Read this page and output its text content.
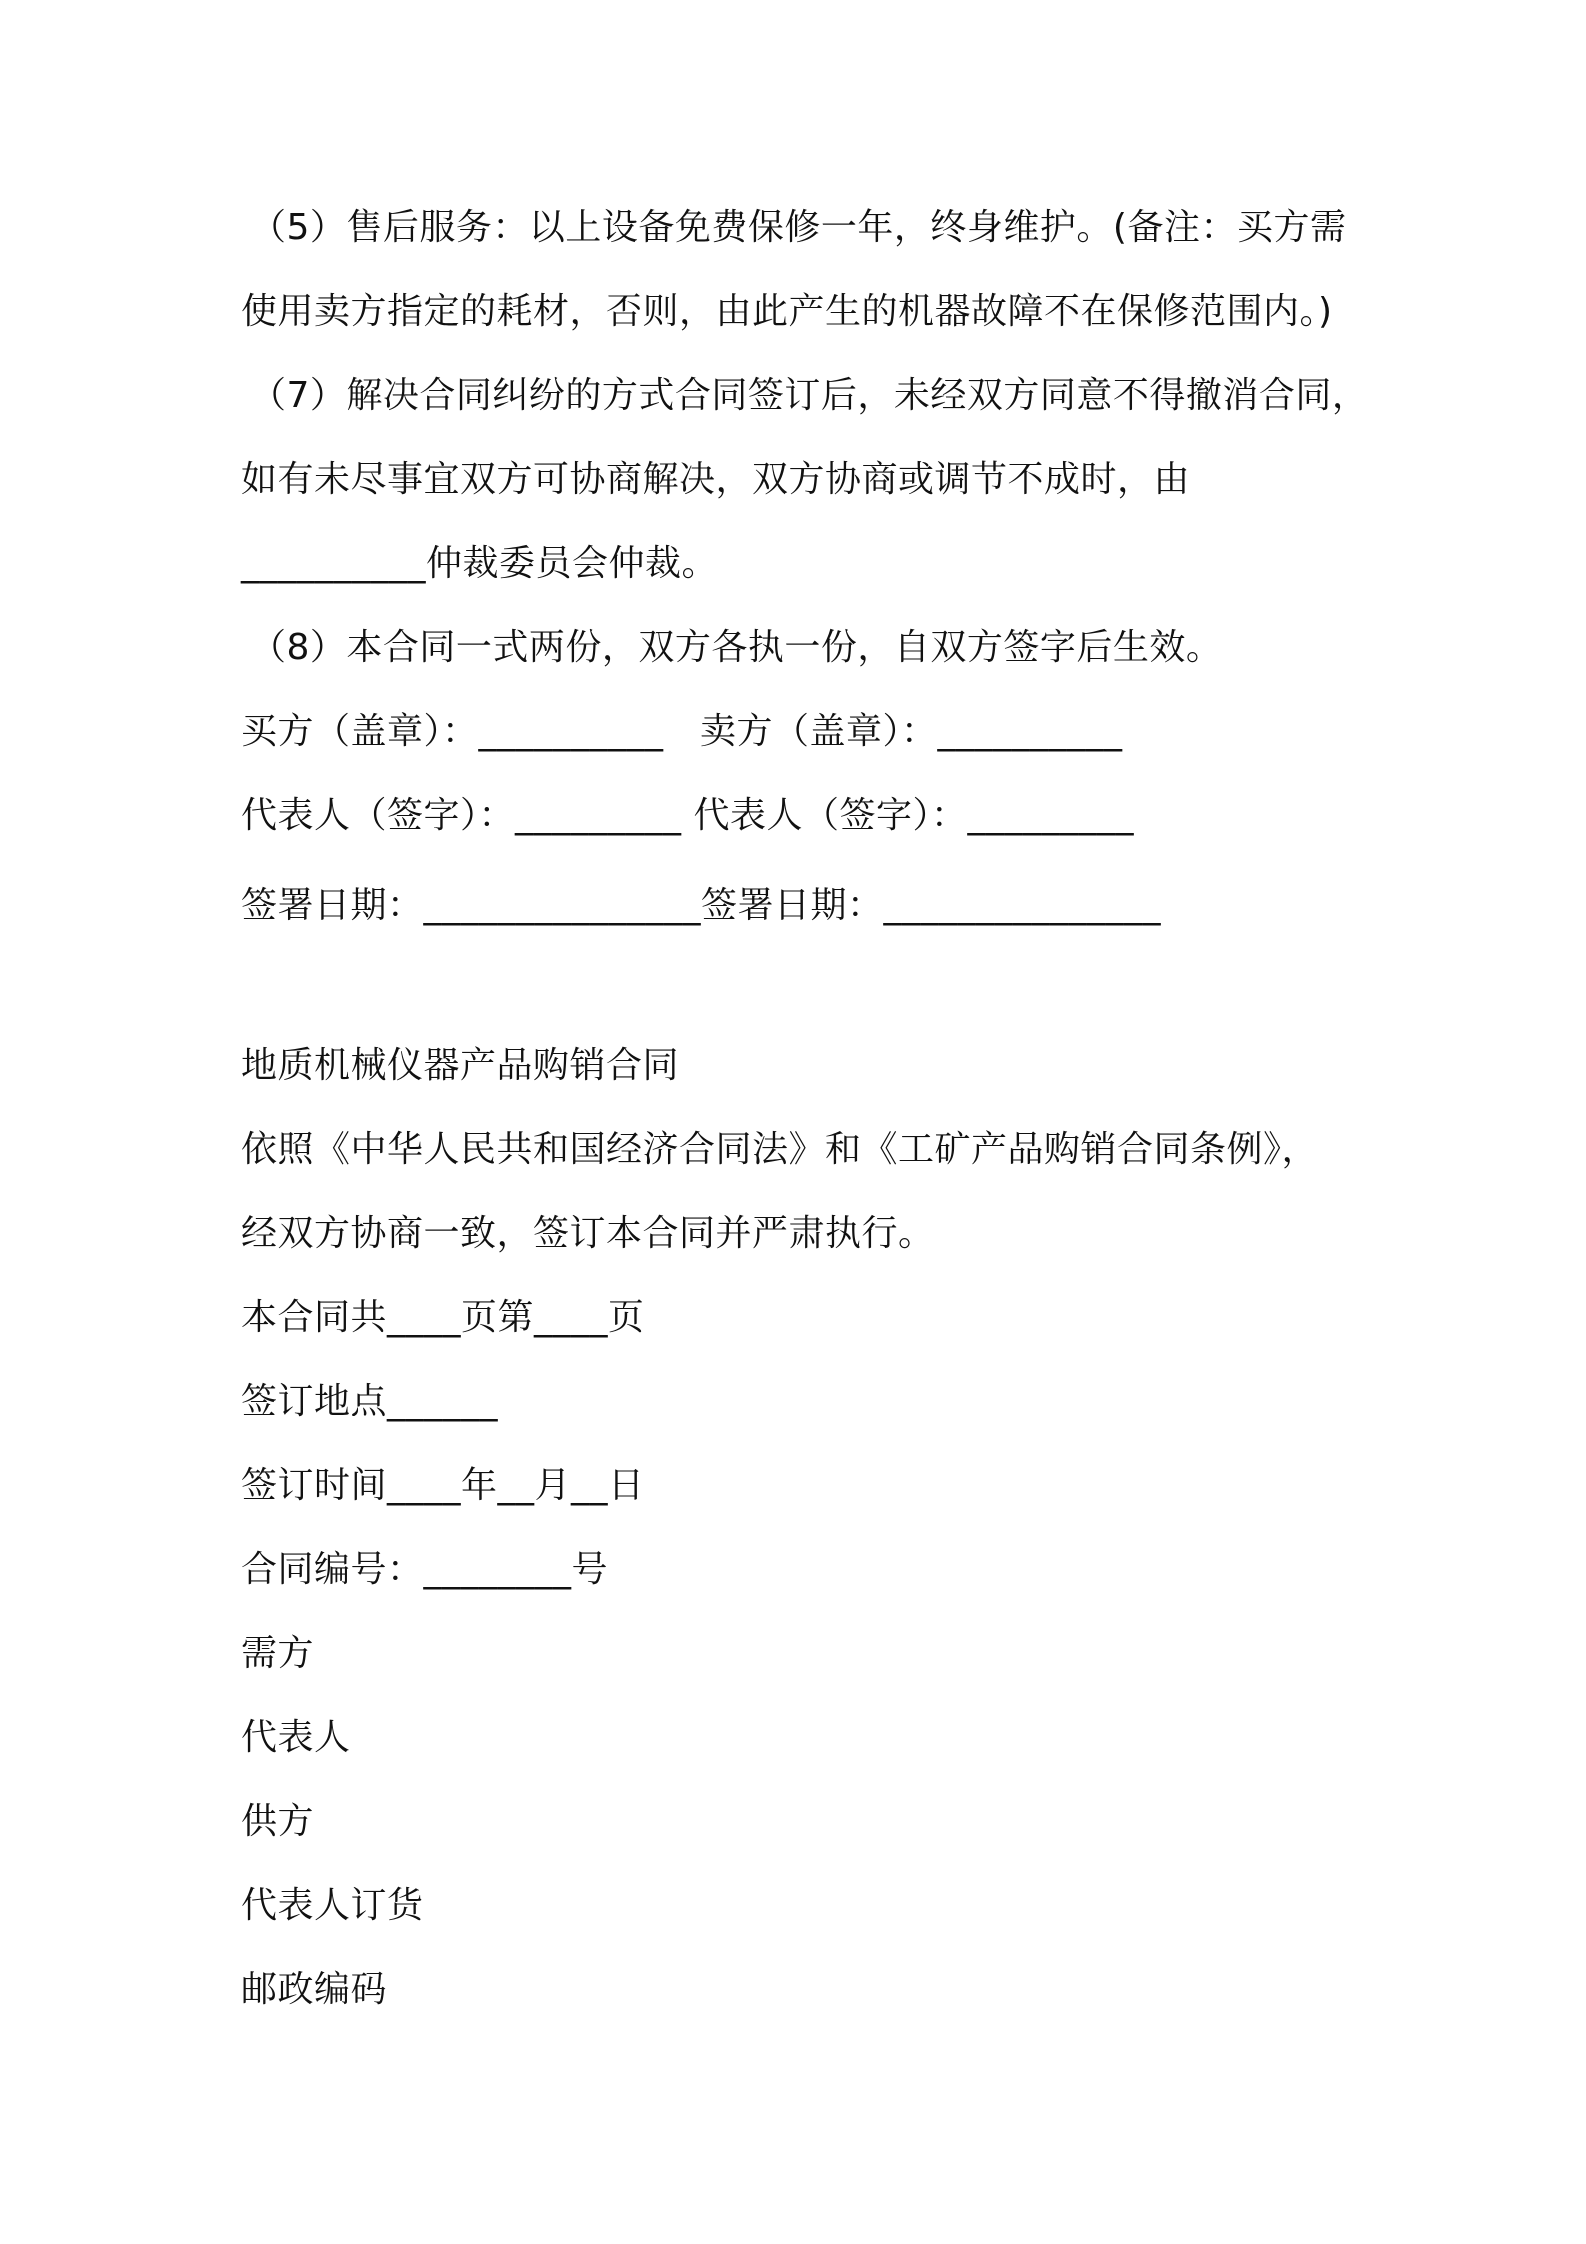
（5）售后服务：以上设备免费保修一年，终身维护。(备注：买方需
使用卖方指定的耗材，否则，由此产生的机器故障不在保修范围内。)
（7）解决合同纠纷的方式合同签订后，未经双方同意不得撤消合同，
如有未尽事宜双方可协商解决，双方协商或调节不成时，由
__________仲裁委员会仲裁。
（8）本合同一式两份，双方各执一份，自双方签字后生效。
买方（盖章）：__________　卖方（盖章）：__________
代表人（签字）：_________ 代表人（签字）：_________
签署日期：_______________签署日期：_______________
地质机械仪器产品购销合同
依照《中华人民共和国经济合同法》和《工矿产品购销合同条例》，
经双方协商一致，签订本合同并严肃执行。
本合同共____页第____页
签订地点______
签订时间____年__月__日
合同编号：________号
需方
代表人
供方
代表人订货
邮政编码
